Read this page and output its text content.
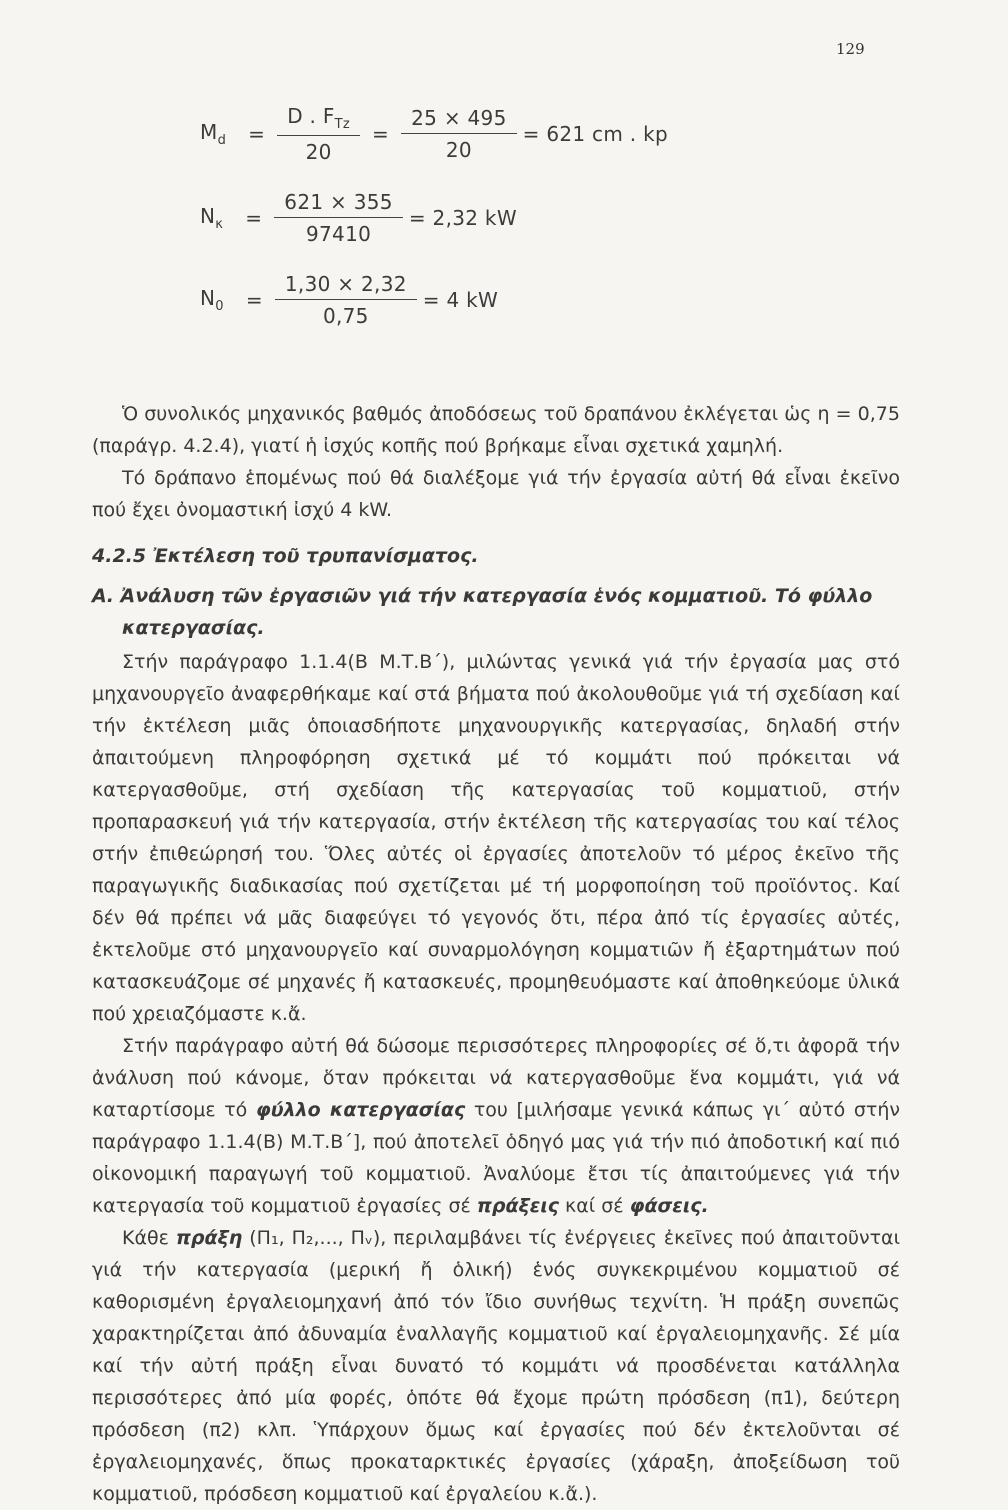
129
$M_d = \frac{D . F_{Tz}}{20} = \frac{25 \times 495}{20} = 621$ cm . kp
$N_\kappa = \frac{621 \times 355}{97410} = 2,32$ kW
$N_0 = \frac{1,30 \times 2,32}{0,75} = 4$ kW

Ὁ συνολικός μηχανικός βαθμός ἀποδόσεως τοῦ δραπάνου ἐκλέγεται ὡς η = 0,75 (παράγρ. 4.2.4), γιατί ἡ ἰσχύς κοπῆς πού βρήκαμε εἶναι σχετικά χαμηλή.

Τό δράπανο ἑπομένως πού θά διαλέξομε γιά τήν ἐργασία αὐτή θά εἶναι ἐκεῖνο πού ἔχει ὀνομαστική ἰσχύ 4 kW.

4.2.5 Ἐκτέλεση τοῦ τρυπανίσματος.
Α. Ἀνάλυση τῶν ἐργασιῶν γιά τήν κατεργασία ἑνός κομματιοῦ. Τό φύλλο κατεργασίας.

Στήν παράγραφο 1.1.4(Β Μ.Τ.Β΄), μιλώντας γενικά γιά τήν ἐργασία μας στό μηχανουργεῖο ἀναφερθήκαμε καί στά βήματα πού ἀκολουθοῦμε γιά τή σχεδίαση καί τήν ἐκτέλεση μιᾶς ὁποιασδήποτε μηχανουργικῆς κατεργασίας, δηλαδή στήν ἀπαιτούμενη πληροφόρηση σχετικά μέ τό κομμάτι πού πρόκειται νά κατεργασθοῦμε, στή σχεδίαση τῆς κατεργασίας τοῦ κομματιοῦ, στήν προπαρασκευή γιά τήν κατεργασία, στήν ἐκτέλεση τῆς κατεργασίας του καί τέλος στήν ἐπιθεώρησή του. Ὅλες αὐτές οἱ ἐργασίες ἀποτελοῦν τό μέρος ἐκεῖνο τῆς παραγωγικῆς διαδικασίας πού σχετίζεται μέ τή μορφοποίηση τοῦ προϊόντος. Καί δέν θά πρέπει νά μᾶς διαφεύγει τό γεγονός ὅτι, πέρα ἀπό τίς ἐργασίες αὐτές, ἐκτελοῦμε στό μηχανουργεῖο καί συναρμολόγηση κομματιῶν ἤ ἐξαρτημάτων πού κατασκευάζομε σέ μηχανές ἤ κατασκευές, προμηθευόμαστε καί ἀποθηκεύομε ὑλικά πού χρειαζόμαστε κ.ἄ.

Στήν παράγραφο αὐτή θά δώσομε περισσότερες πληροφορίες σέ ὅ,τι ἀφορᾶ τήν ἀνάλυση πού κάνομε, ὅταν πρόκειται νά κατεργασθοῦμε ἕνα κομμάτι, γιά νά καταρτίσομε τό φύλλο κατεργασίας του [μιλήσαμε γενικά κάπως γι΄ αὐτό στήν παράγραφο 1.1.4(Β) Μ.Τ.Β΄], πού ἀποτελεῖ ὁδηγό μας γιά τήν πιό ἀποδοτική καί πιό οἰκονομική παραγωγή τοῦ κομματιοῦ. Ἀναλύομε ἔτσι τίς ἀπαιτούμενες γιά τήν κατεργασία τοῦ κομματιοῦ ἐργασίες σέ πράξεις καί σέ φάσεις.

Κάθε πράξη (Π₁, Π₂,..., Πᵥ), περιλαμβάνει τίς ἐνέργειες ἐκεῖνες πού ἀπαιτοῦνται γιά τήν κατεργασία (μερική ἤ ὁλική) ἑνός συγκεκριμένου κομματιοῦ σέ καθορισμένη ἐργαλειομηχανή ἀπό τόν ἴδιο συνήθως τεχνίτη. Ἡ πράξη συνεπῶς χαρακτηρίζεται ἀπό ἀδυναμία ἐναλλαγῆς κομματιοῦ καί ἐργαλειομηχανῆς. Σέ μία καί τήν αὐτή πράξη εἶναι δυνατό τό κομμάτι νά προσδένεται κατάλληλα περισσότερες ἀπό μία φορές, ὁπότε θά ἔχομε πρώτη πρόσδεση (π1), δεύτερη πρόσδεση (π2) κλπ. Ὑπάρχουν ὅμως καί ἐργασίες πού δέν ἐκτελοῦνται σέ ἐργαλειομηχανές, ὅπως προκαταρκτικές ἐργασίες (χάραξη, ἀποξείδωση τοῦ κομματιοῦ, πρόσδεση κομματιοῦ καί ἐργαλείου κ.ἄ.).
